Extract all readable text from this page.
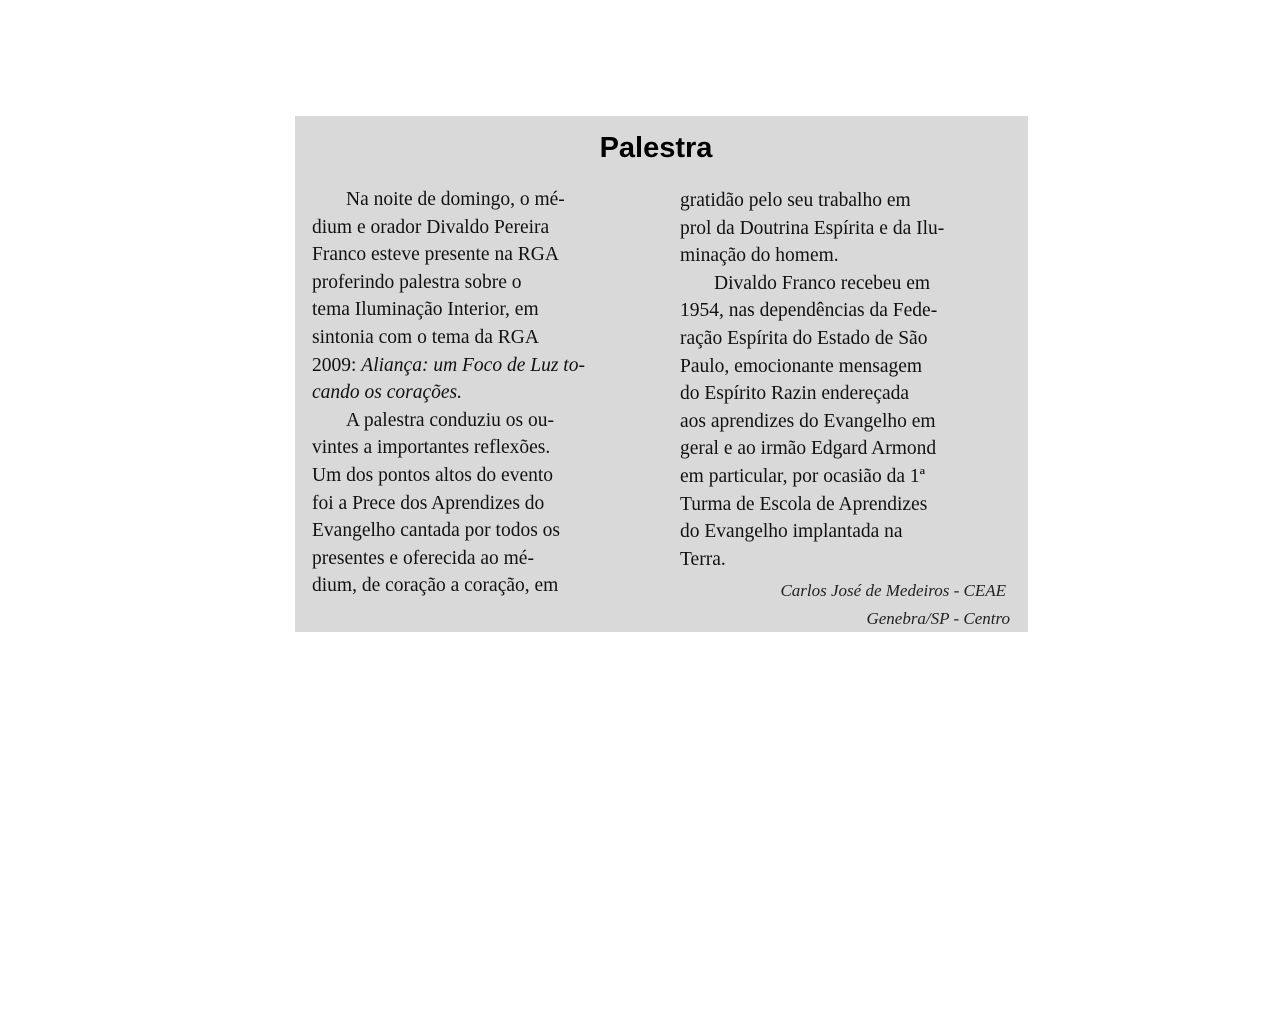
Palestra
Na noite de domingo, o mé-
dium e orador Divaldo Pereira
Franco esteve presente na RGA
proferindo palestra sobre o
tema Iluminação Interior, em
sintonia com o tema da RGA
2009: Aliança: um Foco de Luz to-
cando os corações.
A palestra conduziu os ou-
vintes a importantes reflexões.
Um dos pontos altos do evento
foi a Prece dos Aprendizes do
Evangelho cantada por todos os
presentes e oferecida ao mé-
dium, de coração a coração, em
gratidão pelo seu trabalho em
prol da Doutrina Espírita e da Ilu-
minação do homem.
Divaldo Franco recebeu em
1954, nas dependências da Fede-
ração Espírita do Estado de São
Paulo, emocionante mensagem
do Espírito Razin endereçada
aos aprendizes do Evangelho em
geral e ao irmão Edgard Armond
em particular, por ocasião da 1ª
Turma de Escola de Aprendizes
do Evangelho implantada na
Terra.
Carlos José de Medeiros - CEAE
Genebra/SP - Centro
